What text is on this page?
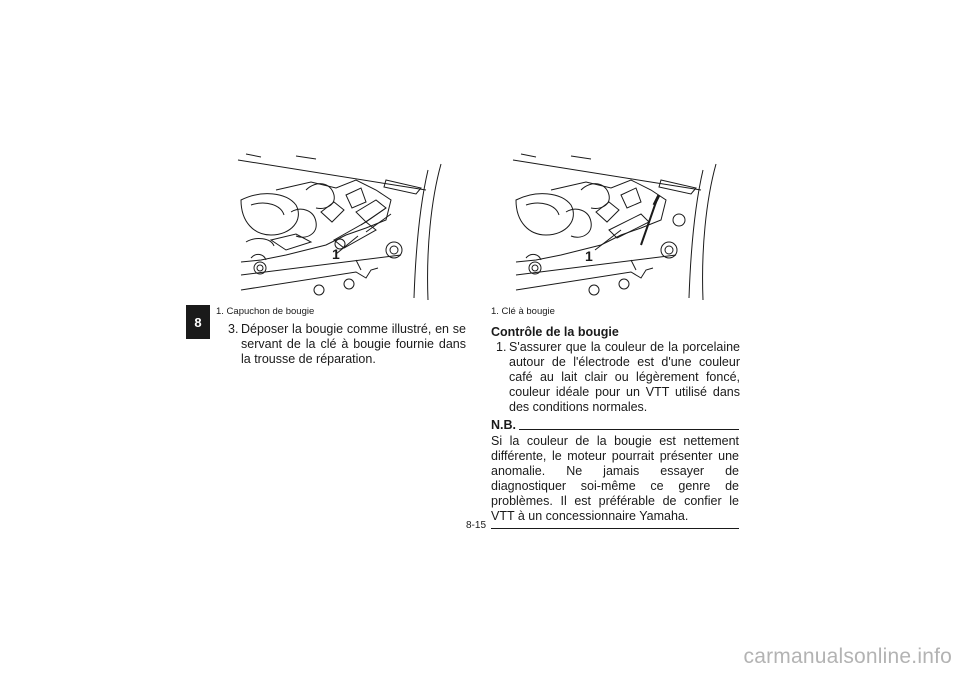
8
1	1
1. Capuchon de bougie	1. Clé à bougie
3. Déposer la bougie comme illustré, en se servant de la clé à bougie fournie dans la trousse de réparation.
Contrôle de la bougie
1. S'assurer que la couleur de la porcelaine autour de l'électrode est d'une couleur café au lait clair ou légèrement foncé, couleur idéale pour un VTT utilisé dans des conditions normales.
N.B.
Si la couleur de la bougie est nettement différente, le moteur pourrait présenter une anomalie. Ne jamais essayer de diagnostiquer soi-même ce genre de problèmes. Il est préférable de confier le VTT à un concessionnaire Yamaha.
8-15
carmanualsonline.info
